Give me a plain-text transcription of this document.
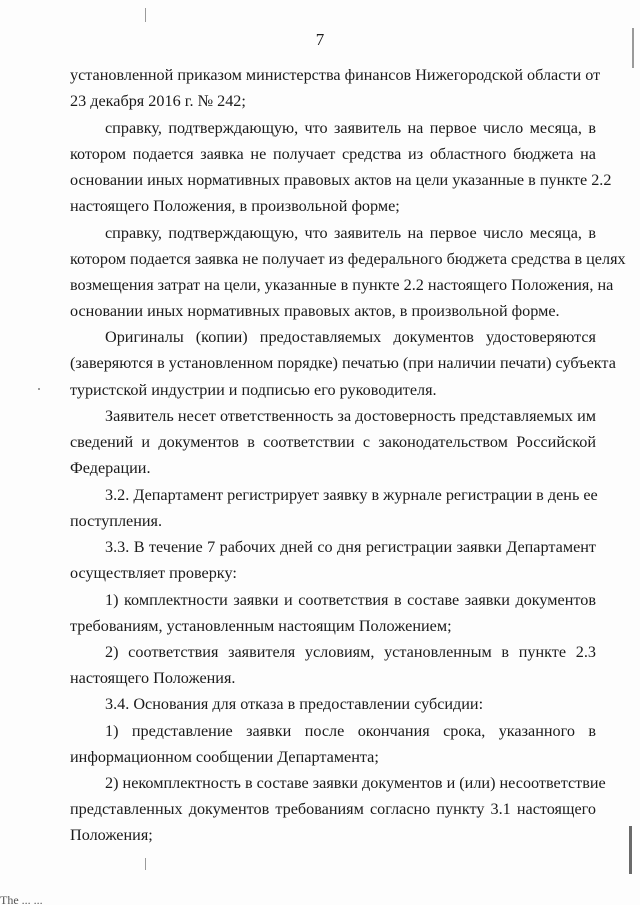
7
установленной приказом министерства финансов Нижегородской области от
23 декабря 2016 г. № 242;
справку, подтверждающую, что заявитель на первое число месяца, в
котором подается заявка не получает средства из областного бюджета на
основании иных нормативных правовых актов на цели указанные в пункте 2.2
настоящего Положения, в произвольной форме;
справку, подтверждающую, что заявитель на первое число месяца, в
котором подается заявка не получает из федерального бюджета средства в целях
возмещения затрат на цели, указанные в пункте 2.2 настоящего Положения, на
основании иных нормативных правовых актов, в произвольной форме.
Оригиналы (копии) предоставляемых документов удостоверяются
(заверяются в установленном порядке) печатью (при наличии печати) субъекта
туристской индустрии и подписью его руководителя.
Заявитель несет ответственность за достоверность представляемых им
сведений и документов в соответствии с законодательством Российской
Федерации.
3.2. Департамент регистрирует заявку в журнале регистрации в день ее
поступления.
3.3. В течение 7 рабочих дней со дня регистрации заявки Департамент
осуществляет проверку:
1) комплектности заявки и соответствия в составе заявки документов
требованиям, установленным настоящим Положением;
2) соответствия заявителя условиям, установленным в пункте 2.3
настоящего Положения.
3.4. Основания для отказа в предоставлении субсидии:
1) представление заявки после окончания срока, указанного в
информационном сообщении Департамента;
2) некомплектность в составе заявки документов и (или) несоответствие
представленных документов требованиям согласно пункту 3.1 настоящего
Положения;
The ... ...
